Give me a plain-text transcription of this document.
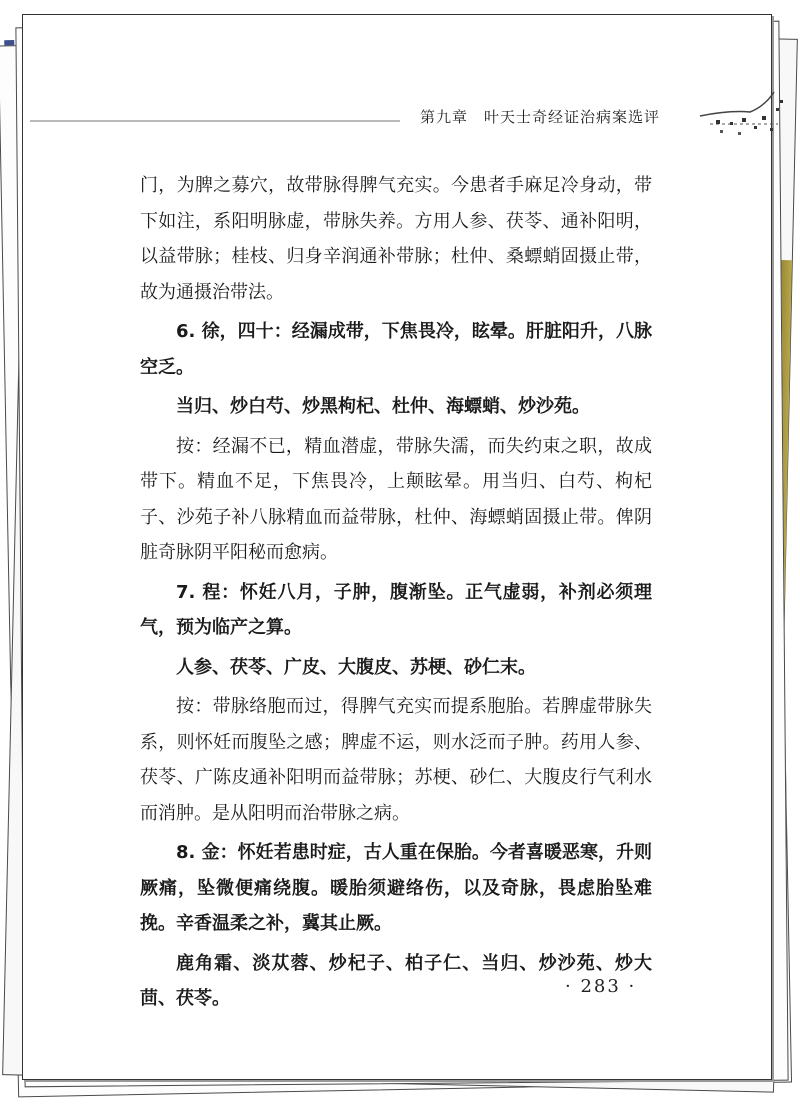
第九章　叶天士奇经证治病案选评

门，为脾之募穴，故带脉得脾气充实。今患者手麻足冷身动，带下如注，系阳明脉虚，带脉失养。方用人参、茯苓、通补阳明，以益带脉；桂枝、归身辛润通补带脉；杜仲、桑螵蛸固摄止带，故为通摄治带法。

6. 徐，四十：经漏成带，下焦畏冷，眩晕。肝脏阳升，八脉空乏。

当归、炒白芍、炒黑枸杞、杜仲、海螵蛸、炒沙苑。

按：经漏不已，精血潜虚，带脉失濡，而失约束之职，故成带下。精血不足，下焦畏冷，上颠眩晕。用当归、白芍、枸杞子、沙苑子补八脉精血而益带脉，杜仲、海螵蛸固摄止带。俾阴脏奇脉阴平阳秘而愈病。

7. 程：怀妊八月，子肿，腹渐坠。正气虚弱，补剂必须理气，预为临产之算。

人参、茯苓、广皮、大腹皮、苏梗、砂仁末。

按：带脉络胞而过，得脾气充实而提系胞胎。若脾虚带脉失系，则怀妊而腹坠之感；脾虚不运，则水泛而子肿。药用人参、茯苓、广陈皮通补阳明而益带脉；苏梗、砂仁、大腹皮行气利水而消肿。是从阳明而治带脉之病。

8. 金：怀妊若患时症，古人重在保胎。今者喜暖恶寒，升则厥痛，坠微便痛绕腹。暖胎须避络伤，以及奇脉，畏虑胎坠难挽。辛香温柔之补，冀其止厥。

鹿角霜、淡苁蓉、炒杞子、柏子仁、当归、炒沙苑、炒大茴、茯苓。

· 283 ·
